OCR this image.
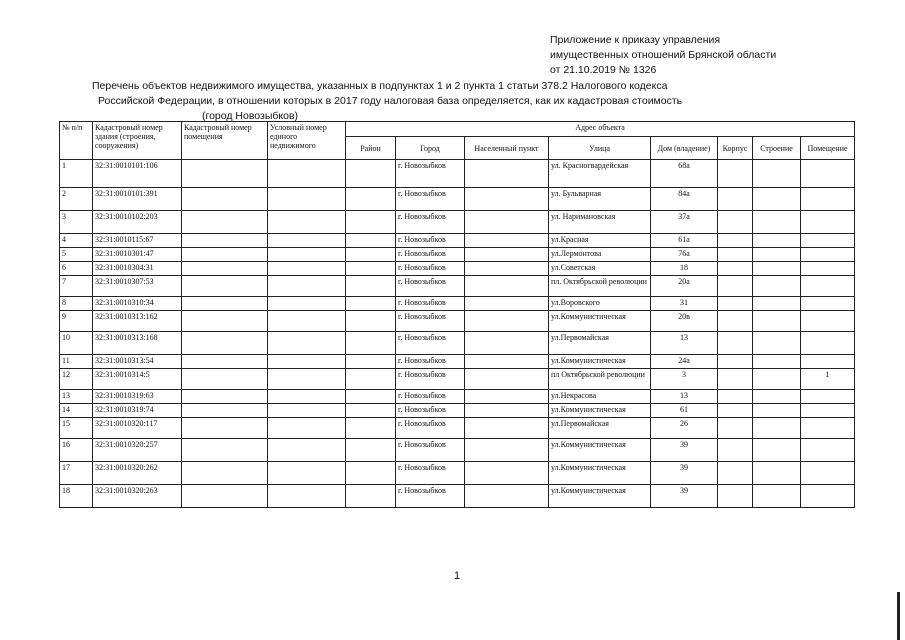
Приложение к приказу управления
имущественных отношений Брянской области
от 21.10.2019 № 1326
Перечень объектов недвижимого имущества, указанных в подпунктах 1 и 2 пункта 1 статьи 378.2 Налогового кодекса
Российской Федерации, в отношении которых в 2017 году налоговая база определяется, как их кадастровая стоимость
(город Новозыбков)
№ п/п	Кадастровый номер здания (строения, сооружения)	Кадастровый номер помещения	Условный номер единого недвижимого	Адрес объекта							
				Район	Город	Населенный пункт	Улица	Дом (владение)	Корпус	Строение	Помещение
1	32:31:0010101:106				г. Новозыбков		ул. Красногвардейская	68а			
2	32:31:0010101:391				г. Новозыбков		ул. Бульварная	84а			
3	32:31:0010102:203				г. Новозыбков		ул. Наримановская	37а			
4	32:31:0010115:67				г. Новозыбков		ул.Красная	61а			
5	32:31:0010301:47				г. Новозыбков		ул.Лермонтова	76а			
6	32:31:0010304:31				г. Новозыбков		ул.Советская	18			
7	32:31:0010307:53				г. Новозыбков		пл. Октябрьской революции	20а			
8	32:31:0010310:34				г. Новозыбков		ул.Воровского	31			
9	32:31:0010313:162				г. Новозыбков		ул.Коммунистическая	20в			
10	32:31:0010313:168				г. Новозыбков		ул.Первомайская	13			
11	32:31:0010313:54				г. Новозыбков		ул.Коммунистическая	24а			
12	32:31:0010314:5				г. Новозыбков		пл Октябрьской революции	3			1
13	32:31:0010319:63				г. Новозыбков		ул.Некрасова	13			
14	32:31:0010319:74				г. Новозыбков		ул.Коммунистическая	61			
15	32:31:0010320:117				г. Новозыбков		ул.Первомайская	26			
16	32:31:0010320:257				г. Новозыбков		ул.Коммунистическая	39			
17	32:31:0010320:262				г. Новозыбков		ул.Коммунистическая	39			
18	32:31:0010320:263				г. Новозыбков		ул.Коммунистическая	39			
1
